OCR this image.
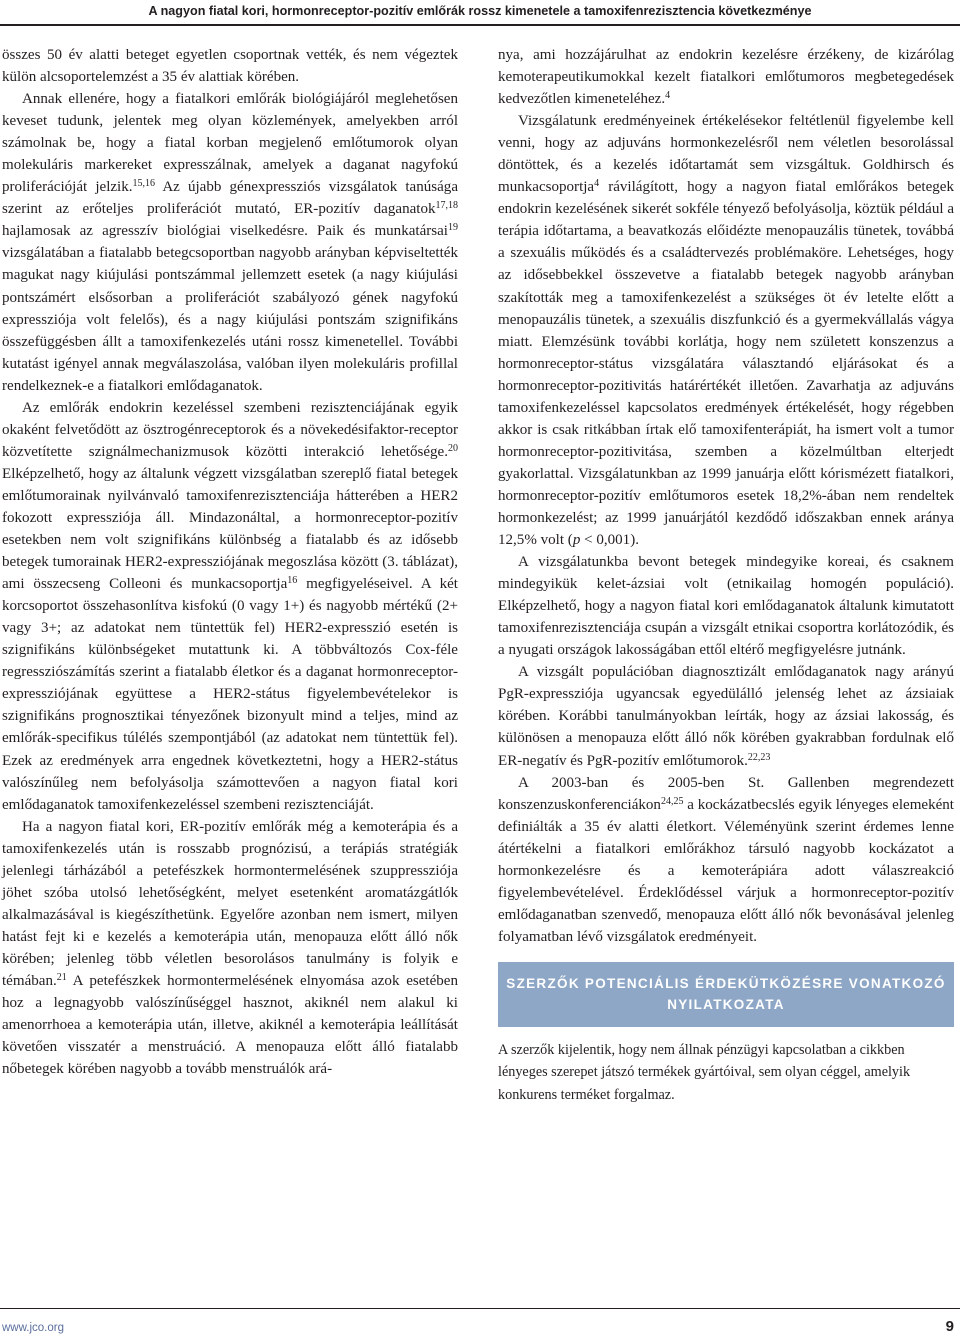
A nagyon fiatal kori, hormonreceptor-pozitív emlőrák rossz kimenetele a tamoxifenrezisztencia következménye

összes 50 év alatti beteget egyetlen csoportnak vették, és nem végeztek külön alcsoportelemzést a 35 év alattiak körében.

Annak ellenére, hogy a fiatalkori emlőrák biológiájáról meglehetősen keveset tudunk, jelentek meg olyan közlemények, amelyekben arról számolnak be, hogy a fiatal korban megjelenő emlőtumorok olyan molekuláris markereket expresszálnak, amelyek a daganat nagyfokú proliferációját jelzik.$^{15,16}$ Az újabb génexpressziós vizsgálatok tanúsága szerint az erőteljes proliferációt mutató, ER-pozitív daganatok$^{17,18}$ hajlamosak az agresszív biológiai viselkedésre. Paik és munkatársai$^{19}$ vizsgálatában a fiatalabb betegcsoportban nagyobb arányban képviseltették magukat nagy kiújulási pontszámmal jellemzett esetek (a nagy kiújulási pontszámért elsősorban a proliferációt szabályozó gének nagyfokú expressziója volt felelős), és a nagy kiújulási pontszám szignifikáns összefüggésben állt a tamoxifenkezelés utáni rossz kimenetellel. További kutatást igényel annak megválaszolása, valóban ilyen molekuláris profillal rendelkeznek-e a fiatalkori emlődaganatok.

Az emlőrák endokrin kezeléssel szembeni rezisztenciájának egyik okaként felvetődött az ösztrogénreceptorok és a növekedésifaktor-receptor közvetítette szignálmechanizmusok közötti interakció lehetősége.$^{20}$ Elképzelhető, hogy az általunk végzett vizsgálatban szereplő fiatal betegek emlőtumorainak nyilvánvaló tamoxifenrezisztenciája hátterében a HER2 fokozott expressziója áll. Mindazonáltal, a hormonreceptor-pozitív esetekben nem volt szignifikáns különbség a fiatalabb és az idősebb betegek tumorainak HER2-expressziójának megoszlása között (3. táblázat), ami összecseng Colleoni és munkacsoportja$^{16}$ megfigyeléseivel. A két korcsoportot összehasonlítva kisfokú (0 vagy 1+) és nagyobb mértékű (2+ vagy 3+; az adatokat nem tüntettük fel) HER2-expresszió esetén is szignifikáns különbségeket mutattunk ki. A többváltozós Cox-féle regressziószámítás szerint a fiatalabb életkor és a daganat hormonreceptor-expressziójának együttese a HER2-státus figyelembevételekor is szignifikáns prognosztikai tényezőnek bizonyult mind a teljes, mind az emlőrák-specifikus túlélés szempontjából (az adatokat nem tüntettük fel). Ezek az eredmények arra engednek következtetni, hogy a HER2-státus valószínűleg nem befolyásolja számottevően a nagyon fiatal kori emlődaganatok tamoxifenkezeléssel szembeni rezisztenciáját.

Ha a nagyon fiatal kori, ER-pozitív emlőrák még a kemoterápia és a tamoxifenkezelés után is rosszabb prognózisú, a terápiás stratégiák jelenlegi tárházából a petefészkek hormontermelésének szuppressziója jöhet szóba utolsó lehetőségként, melyet esetenként aromatázgátlók alkalmazásával is kiegészíthetünk. Egyelőre azonban nem ismert, milyen hatást fejt ki e kezelés a kemoterápia után, menopauza előtt álló nők körében; jelenleg több véletlen besorolásos tanulmány is folyik e témában.$^{21}$ A petefészkek hormontermelésének elnyomása azok esetében hoz a legnagyobb valószínűséggel hasznot, akiknél nem alakul ki amenorrhoea a kemoterápia után, illetve, akiknél a kemoterápia leállítását követően visszatér a menstruáció. A menopauza előtt álló fiatalabb nőbetegek körében nagyobb a tovább menstruálók ará-

nya, ami hozzájárulhat az endokrin kezelésre érzékeny, de kizárólag kemoterapeutikumokkal kezelt fiatalkori emlőtumoros megbetegedések kedvezőtlen kimeneteléhez.$^4$

Vizsgálatunk eredményeinek értékelésekor feltétlenül figyelembe kell venni, hogy az adjuváns hormonkezelésről nem véletlen besorolással döntöttek, és a kezelés időtartamát sem vizsgáltuk. Goldhirsch és munkacsoportja$^4$ rávilágított, hogy a nagyon fiatal emlőrákos betegek endokrin kezelésének sikerét sokféle tényező befolyásolja, köztük például a terápia időtartama, a beavatkozás előidézte menopauzális tünetek, továbbá a szexuális működés és a családtervezés problémaköre. Lehetséges, hogy az idősebbekkel összevetve a fiatalabb betegek nagyobb arányban szakították meg a tamoxifenkezelést a szükséges öt év letelte előtt a menopauzális tünetek, a szexuális diszfunkció és a gyermekvállalás vágya miatt. Elemzésünk további korlátja, hogy nem született konszenzus a hormonreceptor-státus vizsgálatára választandó eljárásokat és a hormonreceptor-pozitivitás határértékét illetően. Zavarhatja az adjuváns tamoxifenkezeléssel kapcsolatos eredmények értékelését, hogy régebben akkor is csak ritkábban írtak elő tamoxifenterápiát, ha ismert volt a tumor hormonreceptor-pozitivitása, szemben a közelmúltban elterjedt gyakorlattal. Vizsgálatunkban az 1999 januárja előtt kórismézett fiatalkori, hormonreceptor-pozitív emlőtumoros esetek 18,2%-ában nem rendeltek hormonkezelést; az 1999 januárjától kezdődő időszakban ennek aránya 12,5% volt (p < 0,001).

A vizsgálatunkba bevont betegek mindegyike koreai, és csaknem mindegyikük kelet-ázsiai volt (etnikailag homogén populáció). Elképzelhető, hogy a nagyon fiatal kori emlődaganatok általunk kimutatott tamoxifenrezisztenciája csupán a vizsgált etnikai csoportra korlátozódik, és a nyugati országok lakosságában ettől eltérő megfigyelésre jutnánk.

A vizsgált populációban diagnosztizált emlődaganatok nagy arányú PgR-expressziója ugyancsak egyedülálló jelenség lehet az ázsiaiak körében. Korábbi tanulmányokban leírták, hogy az ázsiai lakosság, és különösen a menopauza előtt álló nők körében gyakrabban fordulnak elő ER-negatív és PgR-pozitív emlőtumorok.$^{22,23}$

A 2003-ban és 2005-ben St. Gallenben megrendezett konszenzuskonferenciákon$^{24,25}$ a kockázatbecslés egyik lényeges elemeként definiálták a 35 év alatti életkort. Véleményünk szerint érdemes lenne átértékelni a fiatalkori emlőrákhoz társuló nagyobb kockázatot a hormonkezelésre és a kemoterápiára adott válaszreakció figyelembevételével. Érdeklődéssel várjuk a hormonreceptor-pozitív emlődaganatban szenvedő, menopauza előtt álló nők bevonásával jelenleg folyamatban lévő vizsgálatok eredményeit.

SZERZŐK POTENCIÁLIS ÉRDEKÜTKÖZÉSRE VONATKOZÓ NYILATKOZATA

A szerzők kijelentik, hogy nem állnak pénzügyi kapcsolatban a cikkben lényeges szerepet játszó termékek gyártóival, sem olyan céggel, amelyik konkurens terméket forgalmaz.

www.jco.org	9
